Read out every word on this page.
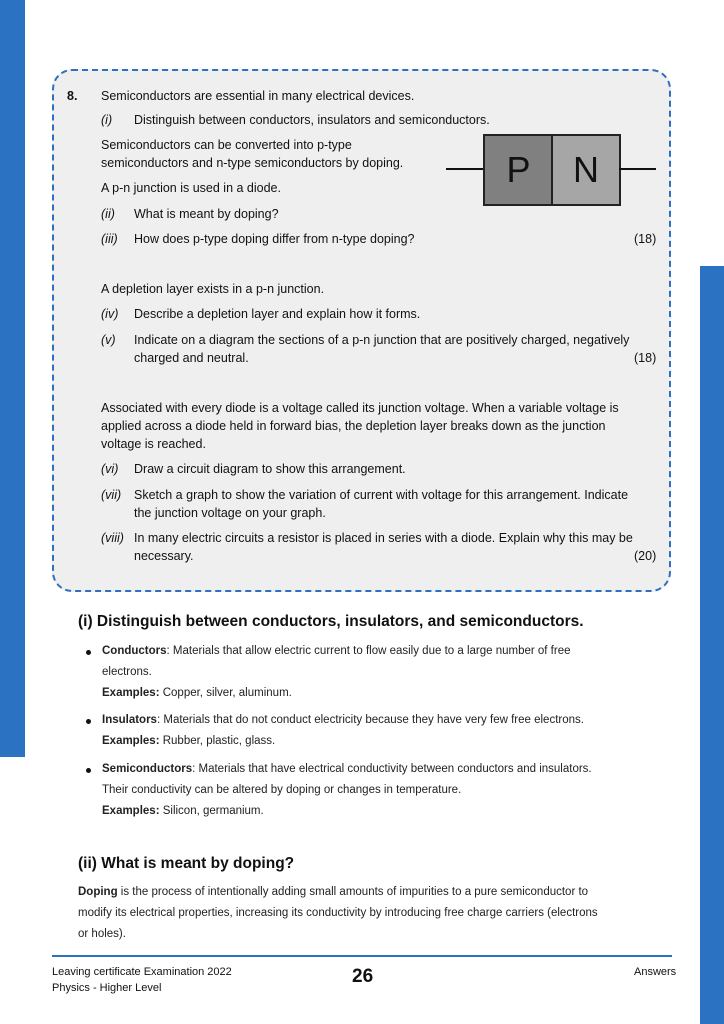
8. Semiconductors are essential in many electrical devices.
(i) Distinguish between conductors, insulators and semiconductors.
Semiconductors can be converted into p-type
semiconductors and n-type semiconductors by doping.
A p-n junction is used in a diode.
(ii) What is meant by doping?
(iii) How does p-type doping differ from n-type doping?	(18)
A depletion layer exists in a p-n junction.
(iv) Describe a depletion layer and explain how it forms.
(v) Indicate on a diagram the sections of a p-n junction that are positively charged, negatively
charged and neutral.	(18)
Associated with every diode is a voltage called its junction voltage. When a variable voltage is
applied across a diode held in forward bias, the depletion layer breaks down as the junction
voltage is reached.
(vi) Draw a circuit diagram to show this arrangement.
(vii) Sketch a graph to show the variation of current with voltage for this arrangement. Indicate
the junction voltage on your graph.
(viii) In many electric circuits a resistor is placed in series with a diode. Explain why this may be
necessary.	(20)
P	N
(i) Distinguish between conductors, insulators, and semiconductors.
Conductors: Materials that allow electric current to flow easily due to a large number of free
electrons.
Examples: Copper, silver, aluminum.
Insulators: Materials that do not conduct electricity because they have very few free electrons.
Examples: Rubber, plastic, glass.
Semiconductors: Materials that have electrical conductivity between conductors and insulators.
Their conductivity can be altered by doping or changes in temperature.
Examples: Silicon, germanium.
(ii) What is meant by doping?
Doping is the process of intentionally adding small amounts of impurities to a pure semiconductor to
modify its electrical properties, increasing its conductivity by introducing free charge carriers (electrons
or holes).
Leaving certificate Examination 2022
Physics - Higher Level
26	Answers
